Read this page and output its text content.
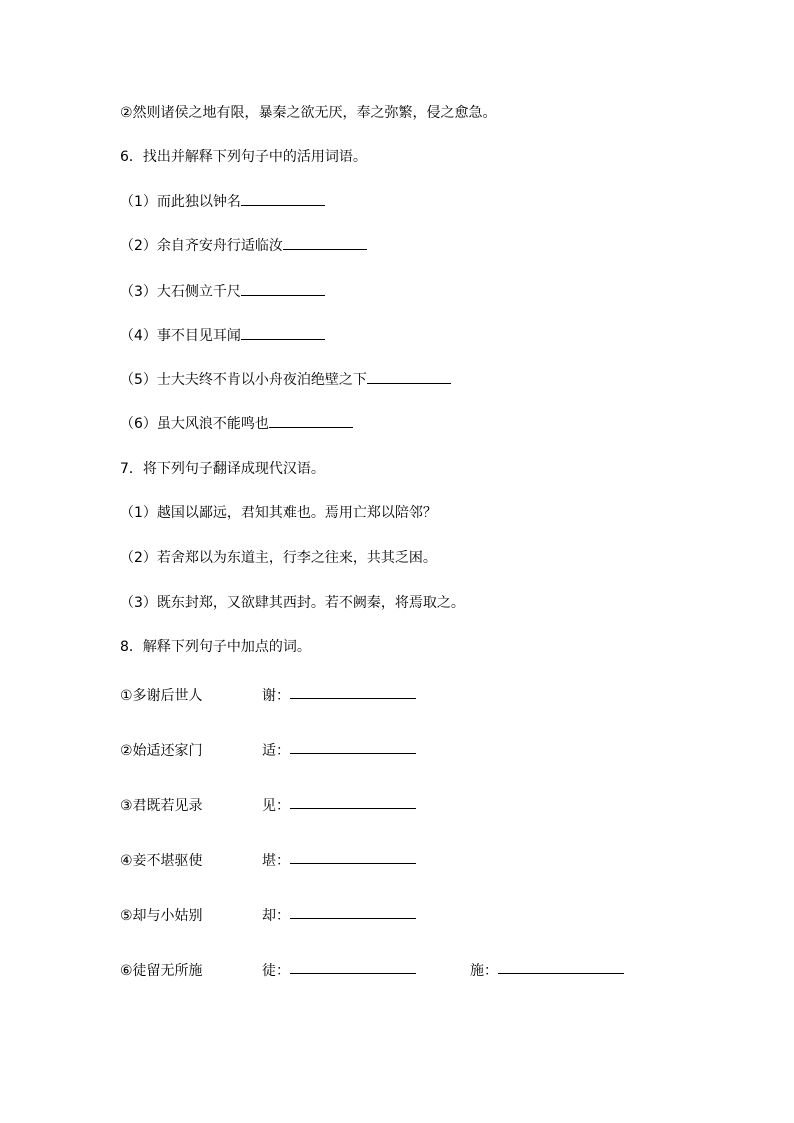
②然则诸侯之地有限，暴秦之欲无厌，奉之弥繁，侵之愈急。
6．找出并解释下列句子中的活用词语。
（1）而此独以钟名
（2）余自齐安舟行适临汝
（3）大石侧立千尺
（4）事不目见耳闻
（5）士大夫终不肯以小舟夜泊绝壁之下
（6）虽大风浪不能鸣也
7．将下列句子翻译成现代汉语。
（1）越国以鄙远，君知其难也。焉用亡郑以陪邻？
（2）若舍郑以为东道主，行李之往来，共其乏困。
（3）既东封郑，又欲肆其西封。若不阙秦，将焉取之。
8．解释下列句子中加点的词。
①多谢后世人	谢：
②始适还家门	适：
③君既若见录	见：
④妾不堪驱使	堪：
⑤却与小姑别	却：
⑥徒留无所施	徒：	施：
